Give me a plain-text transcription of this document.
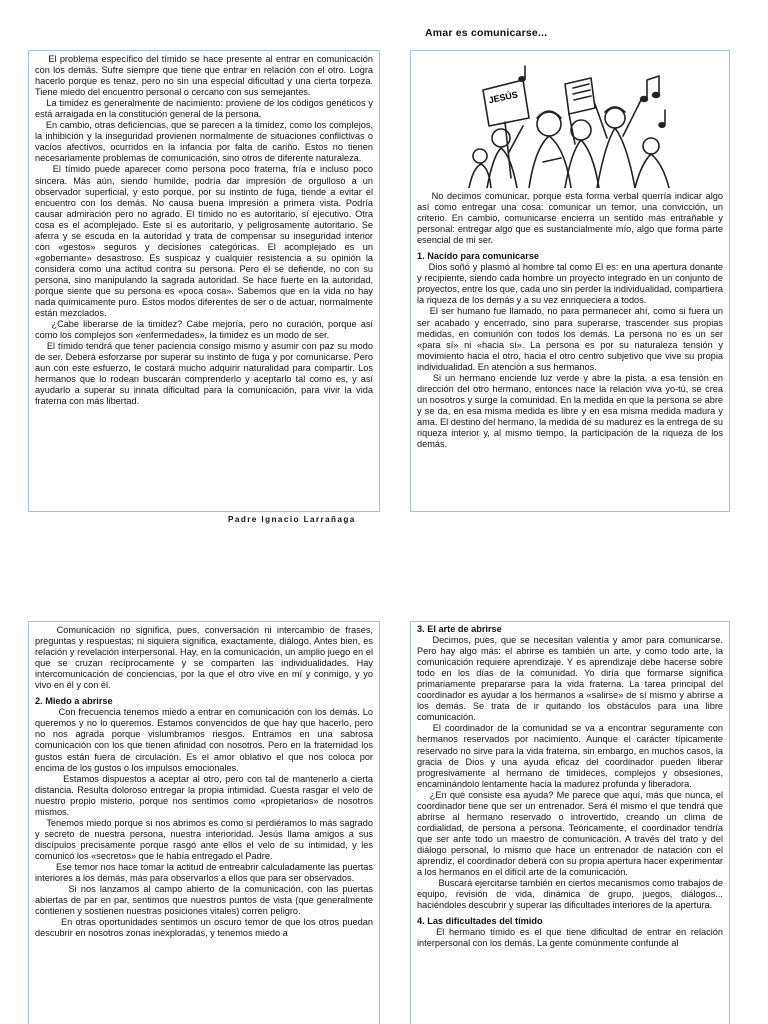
Amar es comunicarse...

El problema específico del tímido se hace presente al entrar en comunicación con los demás. Sufre siempre que tiene que entrar en relación con el otro. Logra hacerlo porque es tenaz, pero no sin una especial dificultad y una cierta torpeza. Tiene miedo del encuentro personal o cercano con sus semejantes.

La timidez es generalmente de nacimiento: proviene de los códigos genéticos y está arraigada en la constitución general de la persona.

En cambio, otras deficiencias, que se parecen a la timidez, como los complejos, la inhibición y la inseguridad provienen normalmente de situaciones conflictivas o vacíos afectivos, ocurridos en la infancia por falta de cariño. Estos no tienen necesariamente problemas de comunicación, sino otros de diferente naturaleza.

El tímido puede aparecer como persona poco fraterna, fría e incluso poco sincera. Más aún, siendo humilde, podría dar impresión de orgulloso a un observador superficial, y esto porque, por su instinto de fuga, tiende a evitar el encuentro con los demás. No causa buena impresión a primera vista. Podría causar admiración pero no agrado. El tímido no es autoritario, sí ejecutivo. Otra cosa es el acomplejado. Este sí es autoritario, y peligrosamente autoritario. Se aferra y se escuda en la autoridad y trata de compensar su inseguridad interior con «gestos» seguros y decisiones categóricas. El acomplejado es un «gobernante» desastroso. Es suspicaz y cualquier resistencia a su opinión la considera como una actitud contra su persona. Pero él se defiende, no con su persona, sino manipulando la sagrada autoridad. Se hace fuerte en la autoridad, porque siente que su persona es «poca cosa». Sabemos que en la vida no hay nada químicamente puro. Estos modos diferentes de ser o de actuar, normalmente están mezclados.

¿Cabe liberarse de la timidez? Cabe mejoría, pero no curación, porque así como los complejos son «enfermedades», la timidez es un modo de ser.

El tímido tendrá que tener paciencia consigo mismo y asumir con paz su modo de ser. Deberá esforzarse por superar su instinto de fuga y por comunicarse. Pero aun con este esfuerzo, le costará mucho adquirir naturalidad para compartir. Los hermanos que lo rodean buscarán comprenderlo y aceptarlo tal como es, y así ayudarlo a superar su innata dificultad para la comunicación, para vivir la vida fraterna con más libertad.

Padre Ignacio Larrañaga
JESÚS

No decimos comunicar, porque esta forma verbal querría indicar algo así como entregar una cosa: comunicar un temor, una convicción, un criterio. En cambio, comunicarse encierra un sentido más entrañable y personal: entregar algo que es sustancialmente mío, algo que forma parte esencial de mi ser.

1. Nacido para comunicarse

Dios soñó y plasmó al hombre tal como El es: en una apertura donante y recipiente, siendo cada hombre un proyecto integrado en un conjunto de proyectos, entre los que, cada uno sin perder la individualidad, compartiera la riqueza de los demás y a su vez enriqueciera a todos.

El ser humano fue llamado, no para permanecer ahí, como si fuera un ser acabado y encerrado, sino para superarse, trascender sus propias medidas, en comunión con todos los demás. La persona no es un ser «para sí» ni «hacia sí». La persona es por su naturaleza tensión y movimiento hacia el otro, hacia el otro centro subjetivo que vive su propia individualidad. En atención a sus hermanos.

Si un hermano enciende luz verde y abre la pista, a esa tensión en dirección del otro hermano, entonces nace la relación viva yo-tú, se crea un nosotros y surge la comunidad. En la medida en que la persona se abre y se da, en esa misma medida es libre y en esa misma medida madura y ama. El destino del hermano, la medida de su madurez es la entrega de su riqueza interior y, al mismo tiempo, la participación de la riqueza de los demás.

Comunicación no significa, pues, conversación ni intercambio de frases, preguntas y respuestas; ni siquiera significa, exactamente, diálogo. Antes bien, es relación y revelación interpersonal. Hay, en la comunicación, un amplio juego en el que se cruzan recíprocamente y se comparten las individualidades. Hay intercomunicación de conciencias, por la que el otro vive en mí y conmigo, y yo vivo en él y con él.

2. Miedo a abrirse

Con frecuencia tenemos miedo a entrar en comunicación con los demás. Lo queremos y no lo queremos. Estamos convencidos de que hay que hacerlo, pero no nos agrada porque vislumbramos riesgos. Entramos en una sabrosa comunicación con los que tienen afinidad con nosotros. Pero en la fraternidad los gustos están fuera de circulación. Es el amor oblativo el que nos coloca por encima de los gustos o los impulsos emocionales.

Estamos dispuestos a aceptar al otro, pero con tal de mantenerlo a cierta distancia. Resulta doloroso entregar la propia intimidad. Cuesta rasgar el velo de nuestro propio misterio, porque nos sentimos como «propietarios» de nosotros mismos.

Tenemos miedo porque si nos abrimos es como si perdiéramos lo más sagrado y secreto de nuestra persona, nuestra interioridad. Jesús llama amigos a sus discípulos precisamente porque rasgó ante ellos el velo de su intimidad, y les comunicó los «secretos» que le había entregado el Padre.

Ese temor nos hace tomar la actitud de entreabrir calculadamente las puertas interiores a los demás, más para observarlos a ellos que para ser observados.

Si nos lanzamos al campo abierto de la comunicación, con las puertas abiertas de par en par, sentimos que nuestros puntos de vista (que generalmente contienen y sostienen nuestras posiciones vitales) corren peligro.

En otras oportunidades sentimos un oscuro temor de que los otros puedan descubrir en nosotros zonas inexploradas, y tenemos miedo a

3. El arte de abrirse

Decimos, pues, que se necesitan valentía y amor para comunicarse. Pero hay algo más: el abrirse es también un arte, y como todo arte, la comunicación requiere aprendizaje. Y es aprendizaje debe hacerse sobre todo en los días de la comunidad. Yo diría que formarse significa primariamente prepararse para la vida fraterna. La tarea principal del coordinador es ayudar a los hermanos a «salirse» de sí mismo y abrirse a los demás. Se trata de ir quitando los obstáculos para una libre comunicación.

El coordinador de la comunidad se va a encontrar seguramente con hermanos reservados por nacimiento. Aunque el carácter típicamente reservado no sirve para la vida fraterna, sin embargo, en muchos casos, la gracia de Dios y una ayuda eficaz del coordinador pueden liberar progresivamente al hermano de timideces, complejos y obsesiones, encaminándolo lentamente hacia la madurez profunda y liberadora.

¿En qué consiste esa ayuda? Me parece que aquí, más que nunca, el coordinador tiene que ser un entrenador. Será él mismo el que tendrá que abrirse al hermano reservado o introvertido, creando un clima de cordialidad, de persona a persona. Teóricamente, el coordinador tendría que ser ante todo un maestro de comunicación. A través del trato y del diálogo personal, lo mismo que hace un entrenador de natación con el aprendiz, el coordinador deberá con su propia apertura hacer experimentar a los hermanos en el difícil arte de la comunicación.

Buscará ejercitarse también en ciertos mecanismos como trabajos de equipo, revisión de vida, dinámica de grupo, juegos, diálogos... haciéndoles descubrir y superar las dificultades interiores de la apertura.

4. Las dificultades del tímido

El hermano tímido es el que tiene dificultad de entrar en relación interpersonal con los demás. La gente comúnmente confunde al
